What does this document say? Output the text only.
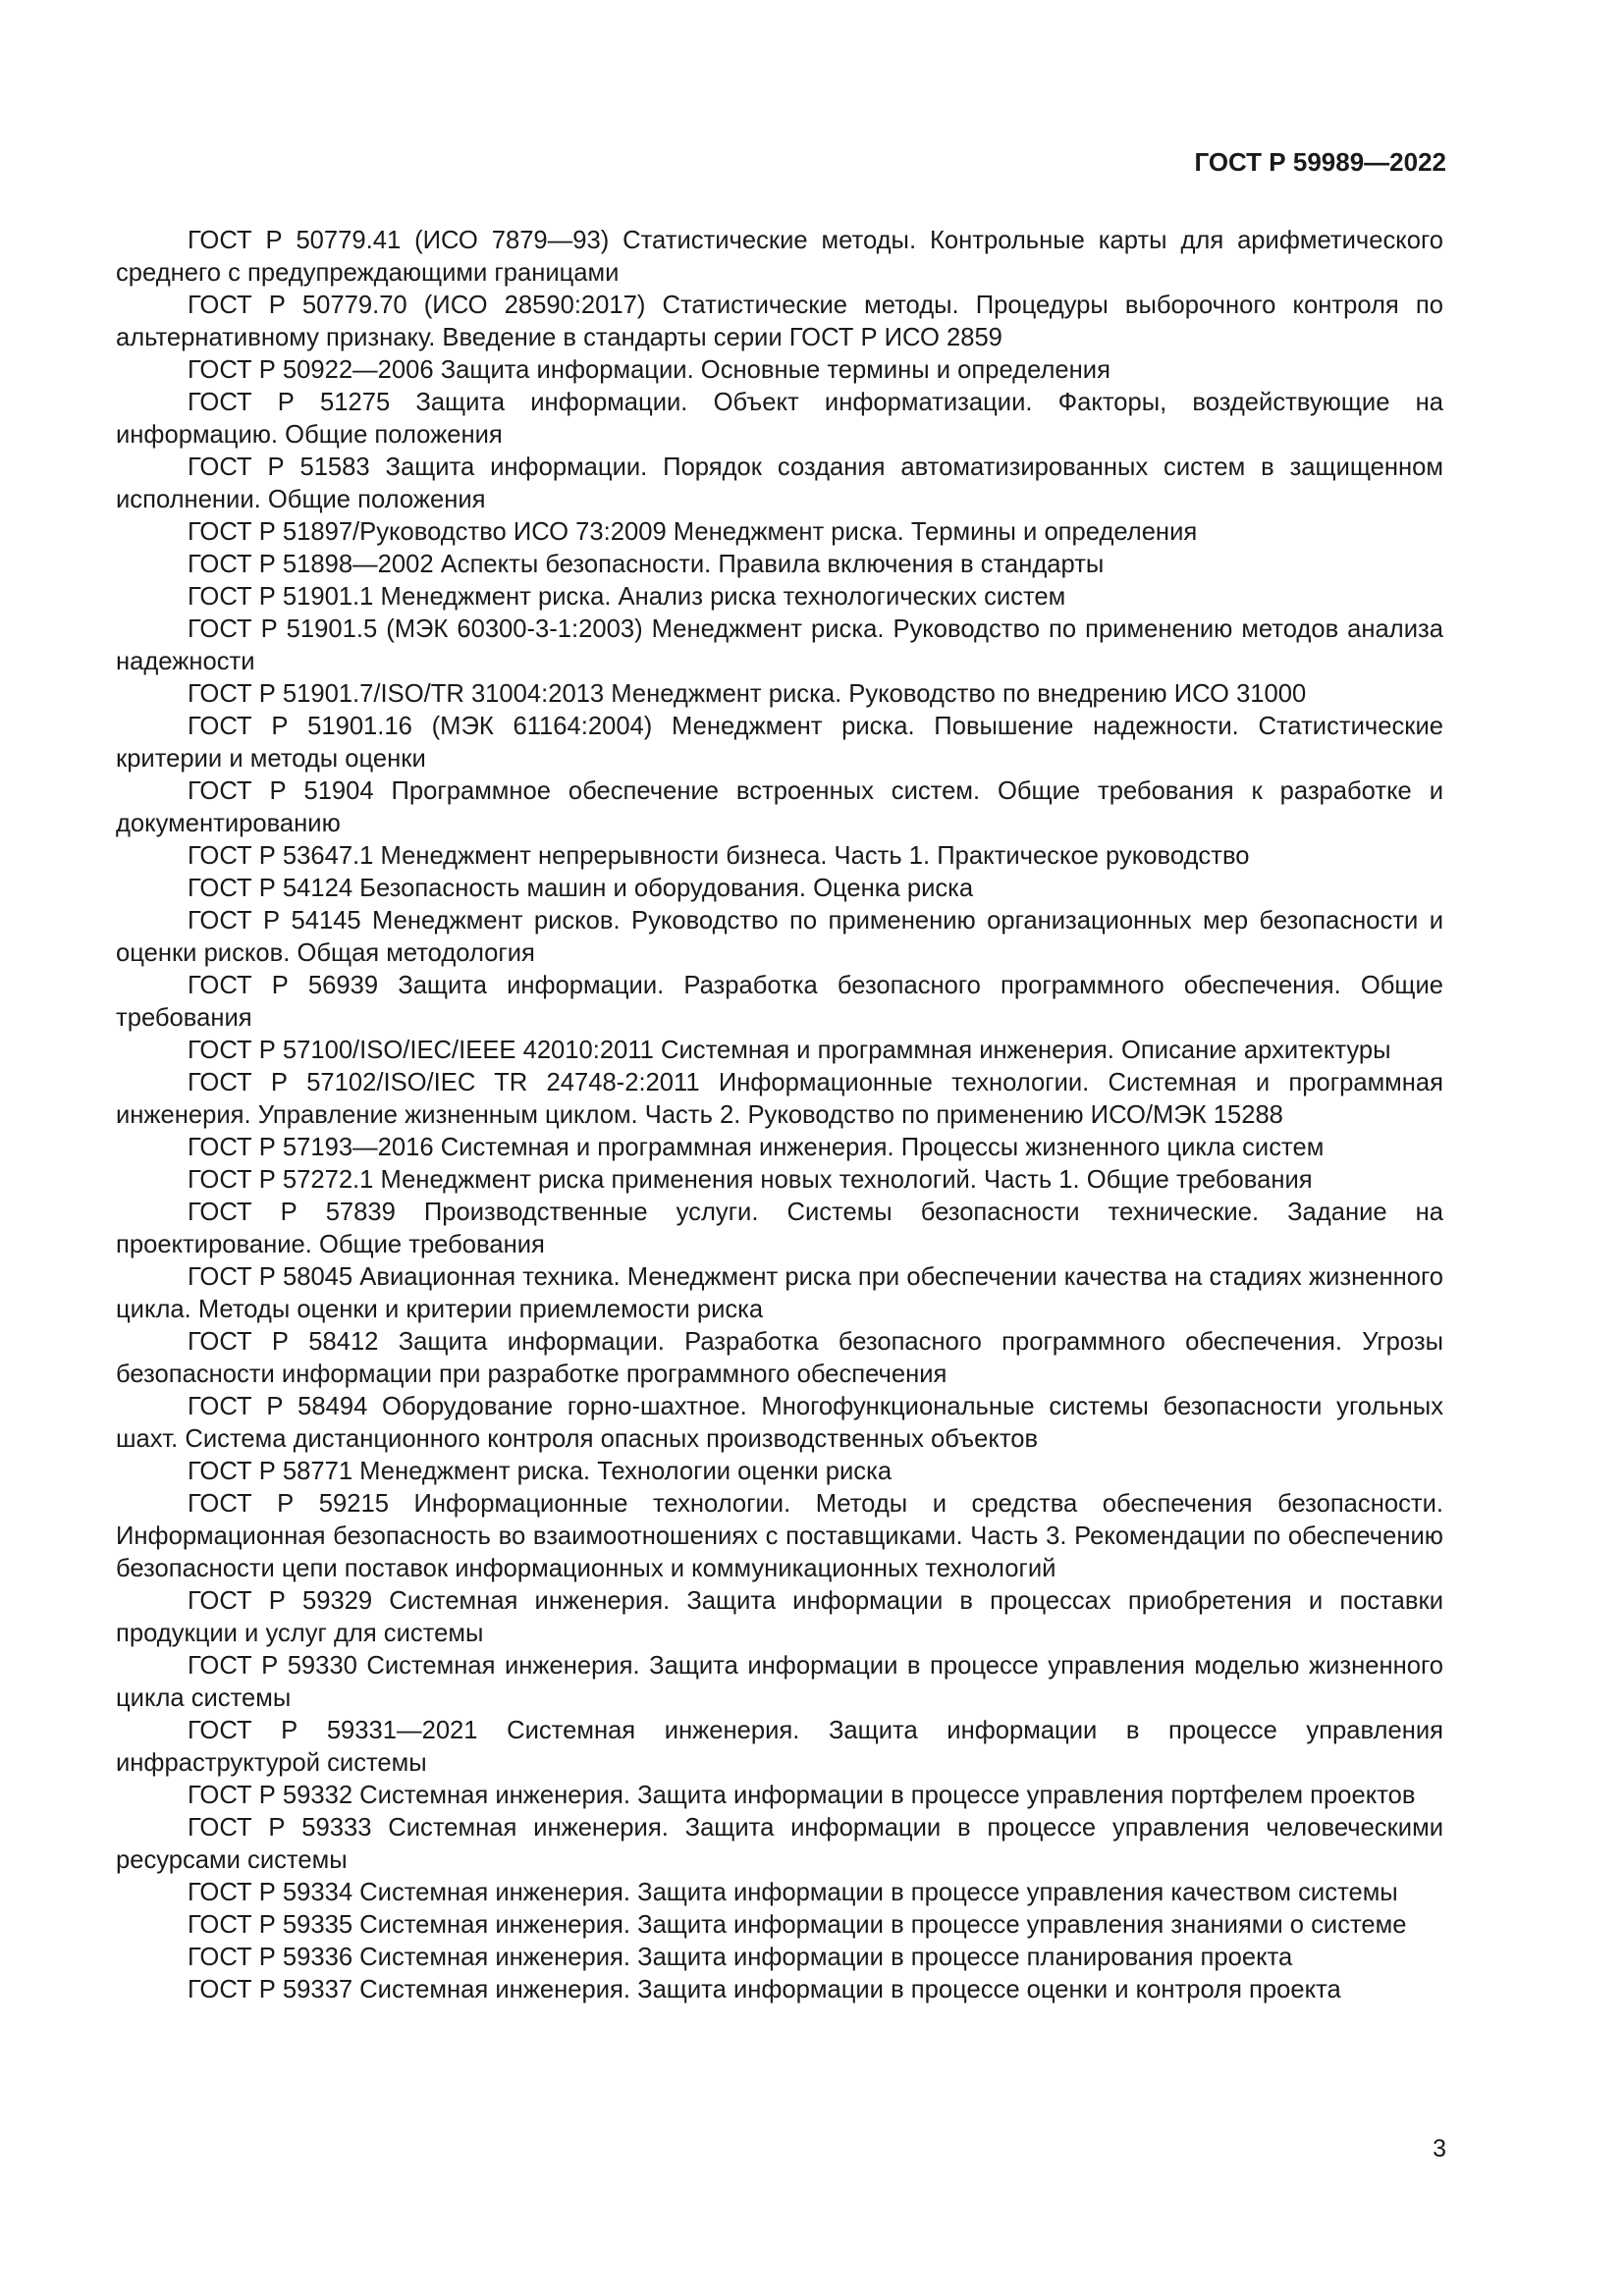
ГОСТ Р 59989—2022

ГОСТ Р 50779.41 (ИСО 7879—93) Статистические методы. Контрольные карты для арифметического среднего с предупреждающими границами

ГОСТ Р 50779.70 (ИСО 28590:2017) Статистические методы. Процедуры выборочного контроля по альтернативному признаку. Введение в стандарты серии ГОСТ Р ИСО 2859

ГОСТ Р 50922—2006 Защита информации. Основные термины и определения

ГОСТ Р 51275 Защита информации. Объект информатизации. Факторы, воздействующие на информацию. Общие положения

ГОСТ Р 51583 Защита информации. Порядок создания автоматизированных систем в защищенном исполнении. Общие положения

ГОСТ Р 51897/Руководство ИСО 73:2009 Менеджмент риска. Термины и определения

ГОСТ Р 51898—2002 Аспекты безопасности. Правила включения в стандарты

ГОСТ Р 51901.1 Менеджмент риска. Анализ риска технологических систем

ГОСТ Р 51901.5 (МЭК 60300-3-1:2003) Менеджмент риска. Руководство по применению методов анализа надежности

ГОСТ Р 51901.7/ISO/TR 31004:2013 Менеджмент риска. Руководство по внедрению ИСО 31000

ГОСТ Р 51901.16 (МЭК 61164:2004) Менеджмент риска. Повышение надежности. Статистические критерии и методы оценки

ГОСТ Р 51904 Программное обеспечение встроенных систем. Общие требования к разработке и документированию

ГОСТ Р 53647.1 Менеджмент непрерывности бизнеса. Часть 1. Практическое руководство

ГОСТ Р 54124 Безопасность машин и оборудования. Оценка риска

ГОСТ Р 54145 Менеджмент рисков. Руководство по применению организационных мер безопасности и оценки рисков. Общая методология

ГОСТ Р 56939 Защита информации. Разработка безопасного программного обеспечения. Общие требования

ГОСТ Р 57100/ISO/IEC/IEEE 42010:2011 Системная и программная инженерия. Описание архитектуры

ГОСТ Р 57102/ISO/IEC TR 24748-2:2011 Информационные технологии. Системная и программная инженерия. Управление жизненным циклом. Часть 2. Руководство по применению ИСО/МЭК 15288

ГОСТ Р 57193—2016 Системная и программная инженерия. Процессы жизненного цикла систем

ГОСТ Р 57272.1 Менеджмент риска применения новых технологий. Часть 1. Общие требования

ГОСТ Р 57839 Производственные услуги. Системы безопасности технические. Задание на проектирование. Общие требования

ГОСТ Р 58045 Авиационная техника. Менеджмент риска при обеспечении качества на стадиях жизненного цикла. Методы оценки и критерии приемлемости риска

ГОСТ Р 58412 Защита информации. Разработка безопасного программного обеспечения. Угрозы безопасности информации при разработке программного обеспечения

ГОСТ Р 58494 Оборудование горно-шахтное. Многофункциональные системы безопасности угольных шахт. Система дистанционного контроля опасных производственных объектов

ГОСТ Р 58771 Менеджмент риска. Технологии оценки риска

ГОСТ Р 59215 Информационные технологии. Методы и средства обеспечения безопасности. Информационная безопасность во взаимоотношениях с поставщиками. Часть 3. Рекомендации по обеспечению безопасности цепи поставок информационных и коммуникационных технологий

ГОСТ Р 59329 Системная инженерия. Защита информации в процессах приобретения и поставки продукции и услуг для системы

ГОСТ Р 59330 Системная инженерия. Защита информации в процессе управления моделью жизненного цикла системы

ГОСТ Р 59331—2021 Системная инженерия. Защита информации в процессе управления инфраструктурой системы

ГОСТ Р 59332 Системная инженерия. Защита информации в процессе управления портфелем проектов

ГОСТ Р 59333 Системная инженерия. Защита информации в процессе управления человеческими ресурсами системы

ГОСТ Р 59334 Системная инженерия. Защита информации в процессе управления качеством системы

ГОСТ Р 59335 Системная инженерия. Защита информации в процессе управления знаниями о системе

ГОСТ Р 59336 Системная инженерия. Защита информации в процессе планирования проекта

ГОСТ Р 59337 Системная инженерия. Защита информации в процессе оценки и контроля проекта

3
